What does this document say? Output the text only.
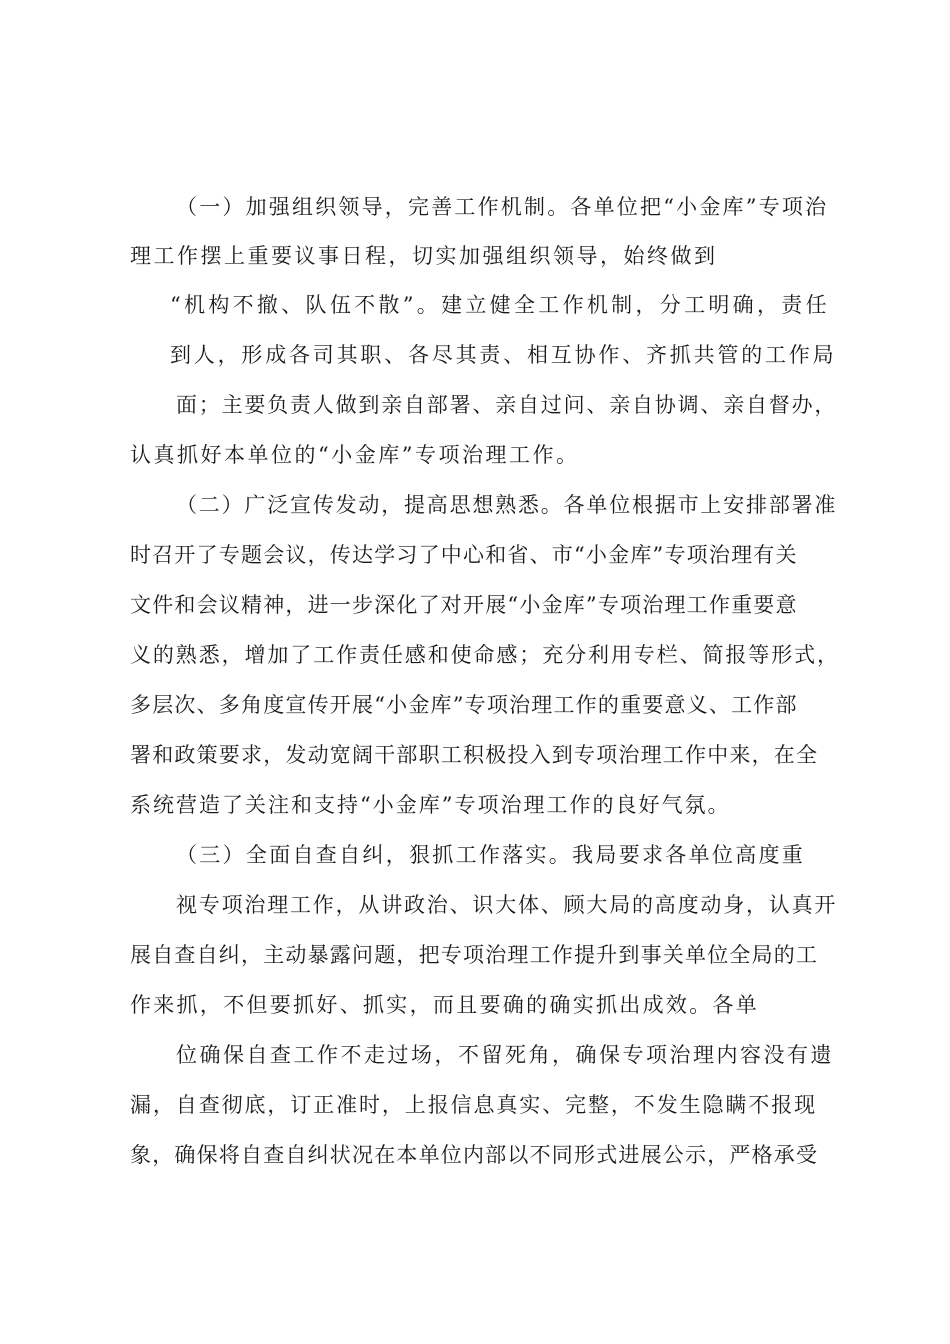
（一）加强组织领导，完善工作机制。各单位把“小金库”专项治
理工作摆上重要议事日程，切实加强组织领导，始终做到
“机构不撤、队伍不散”。建立健全工作机制，分工明确，责任
到人，形成各司其职、各尽其责、相互协作、齐抓共管的工作局
面；主要负责人做到亲自部署、亲自过问、亲自协调、亲自督办，
认真抓好本单位的“小金库”专项治理工作。
（二）广泛宣传发动，提高思想熟悉。各单位根据市上安排部署准
时召开了专题会议，传达学习了中心和省、市“小金库”专项治理有关
文件和会议精神，进一步深化了对开展“小金库”专项治理工作重要意
义的熟悉，增加了工作责任感和使命感；充分利用专栏、简报等形式，
多层次、多角度宣传开展“小金库”专项治理工作的重要意义、工作部
署和政策要求，发动宽阔干部职工积极投入到专项治理工作中来，在全
系统营造了关注和支持“小金库”专项治理工作的良好气氛。
（三）全面自查自纠，狠抓工作落实。我局要求各单位高度重
视专项治理工作，从讲政治、识大体、顾大局的高度动身，认真开
展自查自纠，主动暴露问题，把专项治理工作提升到事关单位全局的工
作来抓，不但要抓好、抓实，而且要确的确实抓出成效。各单
位确保自查工作不走过场，不留死角，确保专项治理内容没有遗
漏，自查彻底，订正准时，上报信息真实、完整，不发生隐瞒不报现
象，确保将自查自纠状况在本单位内部以不同形式进展公示，严格承受
